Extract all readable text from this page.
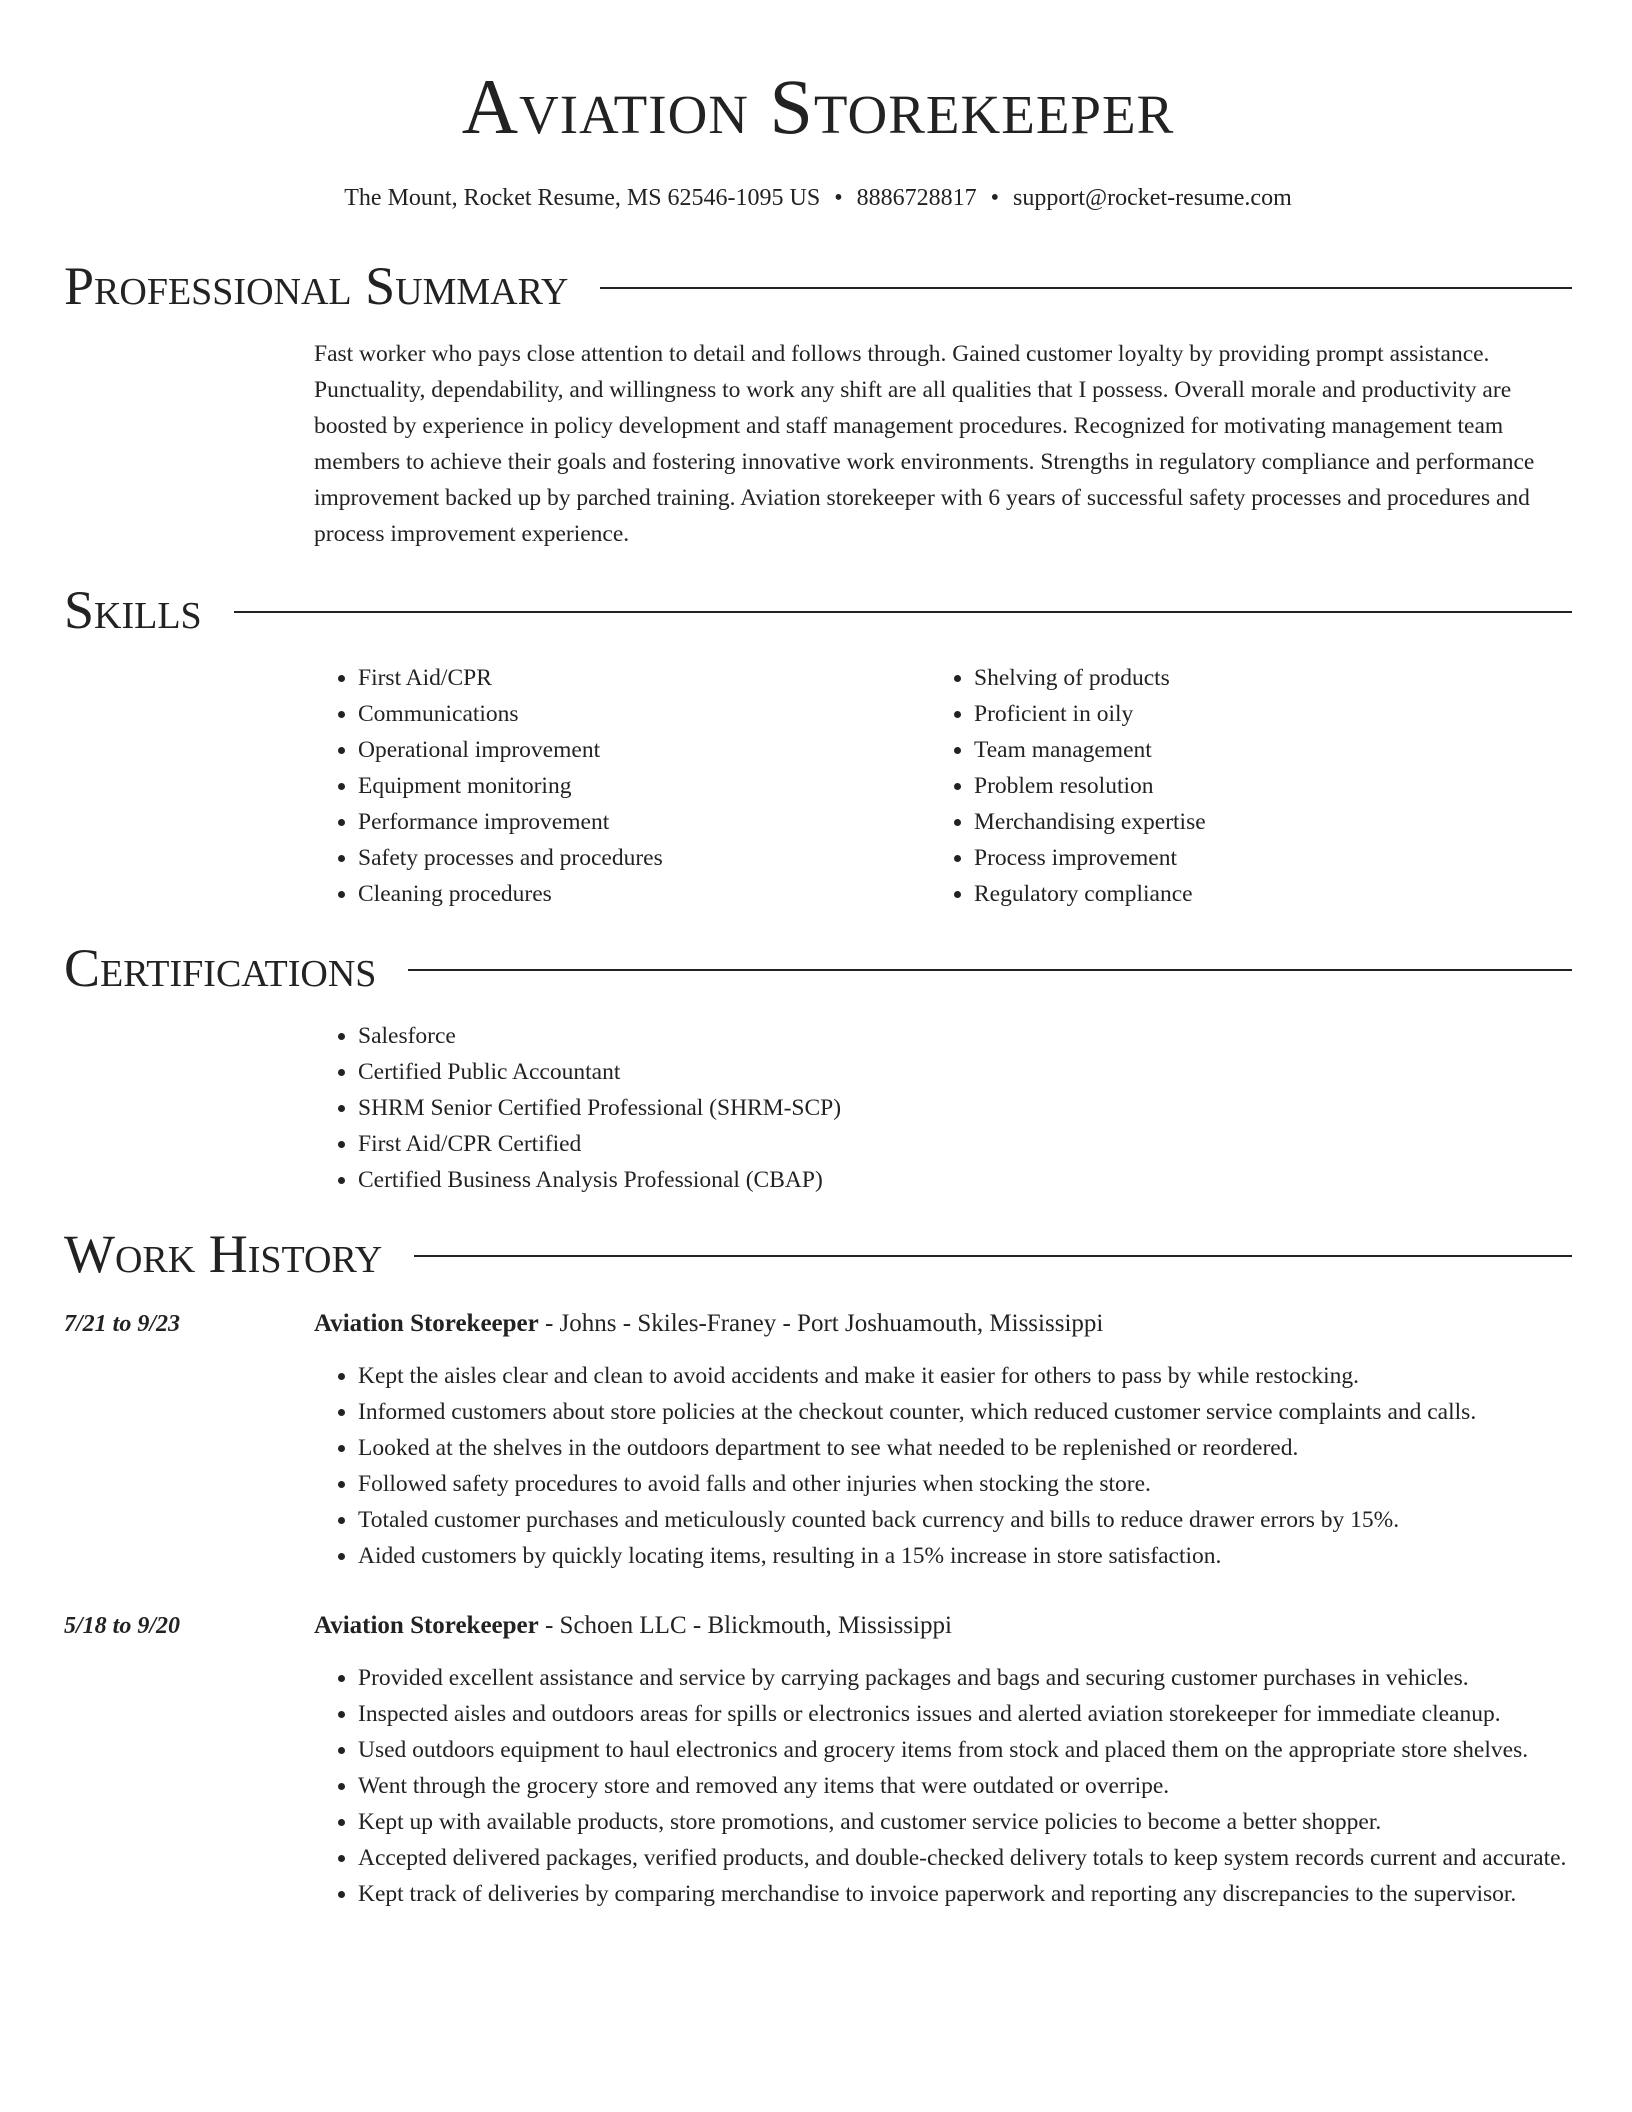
Aviation Storekeeper
The Mount, Rocket Resume, MS 62546-1095 US • 8886728817 • support@rocket-resume.com
Professional Summary

Fast worker who pays close attention to detail and follows through. Gained customer loyalty by providing prompt assistance. Punctuality, dependability, and willingness to work any shift are all qualities that I possess. Overall morale and productivity are boosted by experience in policy development and staff management procedures. Recognized for motivating management team members to achieve their goals and fostering innovative work environments. Strengths in regulatory compliance and performance improvement backed up by parched training. Aviation storekeeper with 6 years of successful safety processes and procedures and process improvement experience.

Skills
• First Aid/CPR
• Communications
• Operational improvement
• Equipment monitoring
• Performance improvement
• Safety processes and procedures
• Cleaning procedures
• Shelving of products
• Proficient in oily
• Team management
• Problem resolution
• Merchandising expertise
• Process improvement
• Regulatory compliance
Certifications
• Salesforce
• Certified Public Accountant
• SHRM Senior Certified Professional (SHRM-SCP)
• First Aid/CPR Certified
• Certified Business Analysis Professional (CBAP)
Work History
7/21 to 9/23	Aviation Storekeeper - Johns - Skiles-Franey - Port Joshuamouth, Mississippi
• Kept the aisles clear and clean to avoid accidents and make it easier for others to pass by while restocking.
• Informed customers about store policies at the checkout counter, which reduced customer service complaints and calls.
• Looked at the shelves in the outdoors department to see what needed to be replenished or reordered.
• Followed safety procedures to avoid falls and other injuries when stocking the store.
• Totaled customer purchases and meticulously counted back currency and bills to reduce drawer errors by 15%.
• Aided customers by quickly locating items, resulting in a 15% increase in store satisfaction.
5/18 to 9/20	Aviation Storekeeper - Schoen LLC - Blickmouth, Mississippi
• Provided excellent assistance and service by carrying packages and bags and securing customer purchases in vehicles.
• Inspected aisles and outdoors areas for spills or electronics issues and alerted aviation storekeeper for immediate cleanup.
• Used outdoors equipment to haul electronics and grocery items from stock and placed them on the appropriate store shelves.
• Went through the grocery store and removed any items that were outdated or overripe.
• Kept up with available products, store promotions, and customer service policies to become a better shopper.
• Accepted delivered packages, verified products, and double-checked delivery totals to keep system records current and accurate.
• Kept track of deliveries by comparing merchandise to invoice paperwork and reporting any discrepancies to the supervisor.
